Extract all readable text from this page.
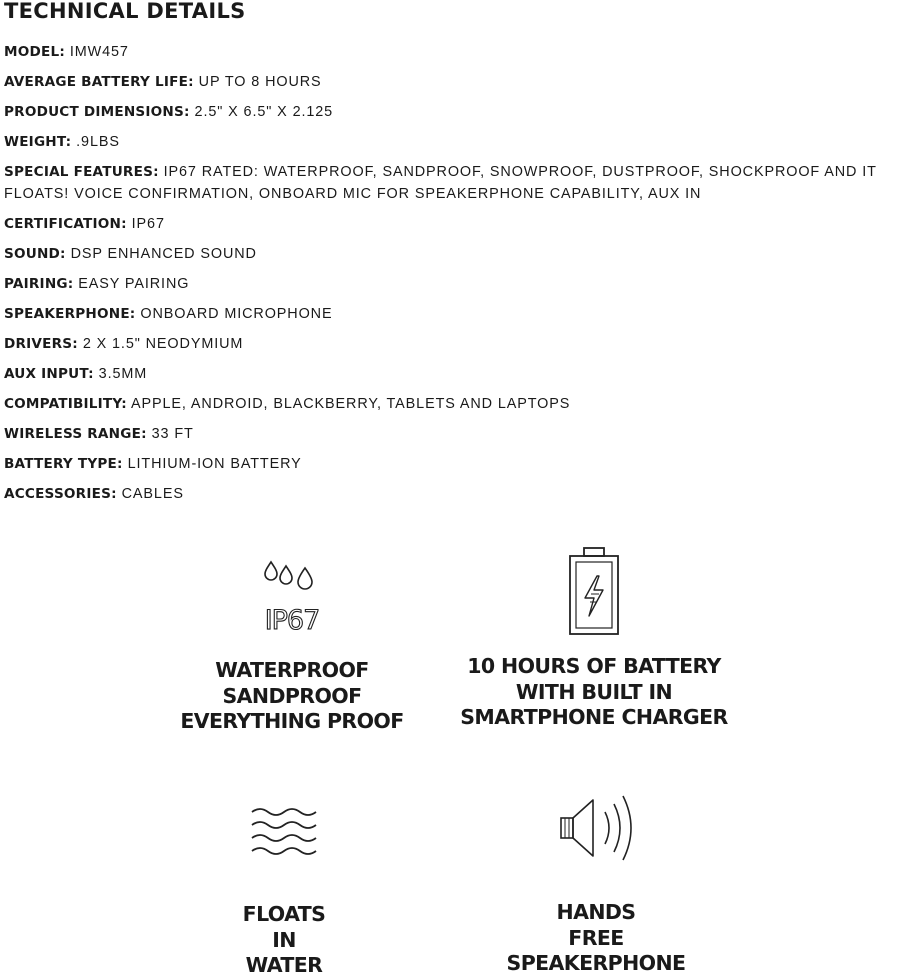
TECHNICAL DETAILS
MODEL: IMW457
AVERAGE BATTERY LIFE: UP TO 8 HOURS
PRODUCT DIMENSIONS: 2.5" X 6.5" X 2.125
WEIGHT: .9LBS
SPECIAL FEATURES: IP67 RATED: WATERPROOF, SANDPROOF, SNOWPROOF, DUSTPROOF, SHOCKPROOF AND IT FLOATS! VOICE CONFIRMATION, ONBOARD MIC FOR SPEAKERPHONE CAPABILITY, AUX IN
CERTIFICATION: IP67
SOUND: DSP ENHANCED SOUND
PAIRING: EASY PAIRING
SPEAKERPHONE: ONBOARD MICROPHONE
DRIVERS: 2 X 1.5" NEODYMIUM
AUX INPUT: 3.5MM
COMPATIBILITY: APPLE, ANDROID, BLACKBERRY, TABLETS AND LAPTOPS
WIRELESS RANGE: 33 FT
BATTERY TYPE: LITHIUM-ION BATTERY
ACCESSORIES: CABLES
IP67
WATERPROOF
SANDPROOF
EVERYTHING PROOF
10 HOURS OF BATTERY
WITH BUILT IN
SMARTPHONE CHARGER
FLOATS
IN
WATER
HANDS
FREE
SPEAKERPHONE
